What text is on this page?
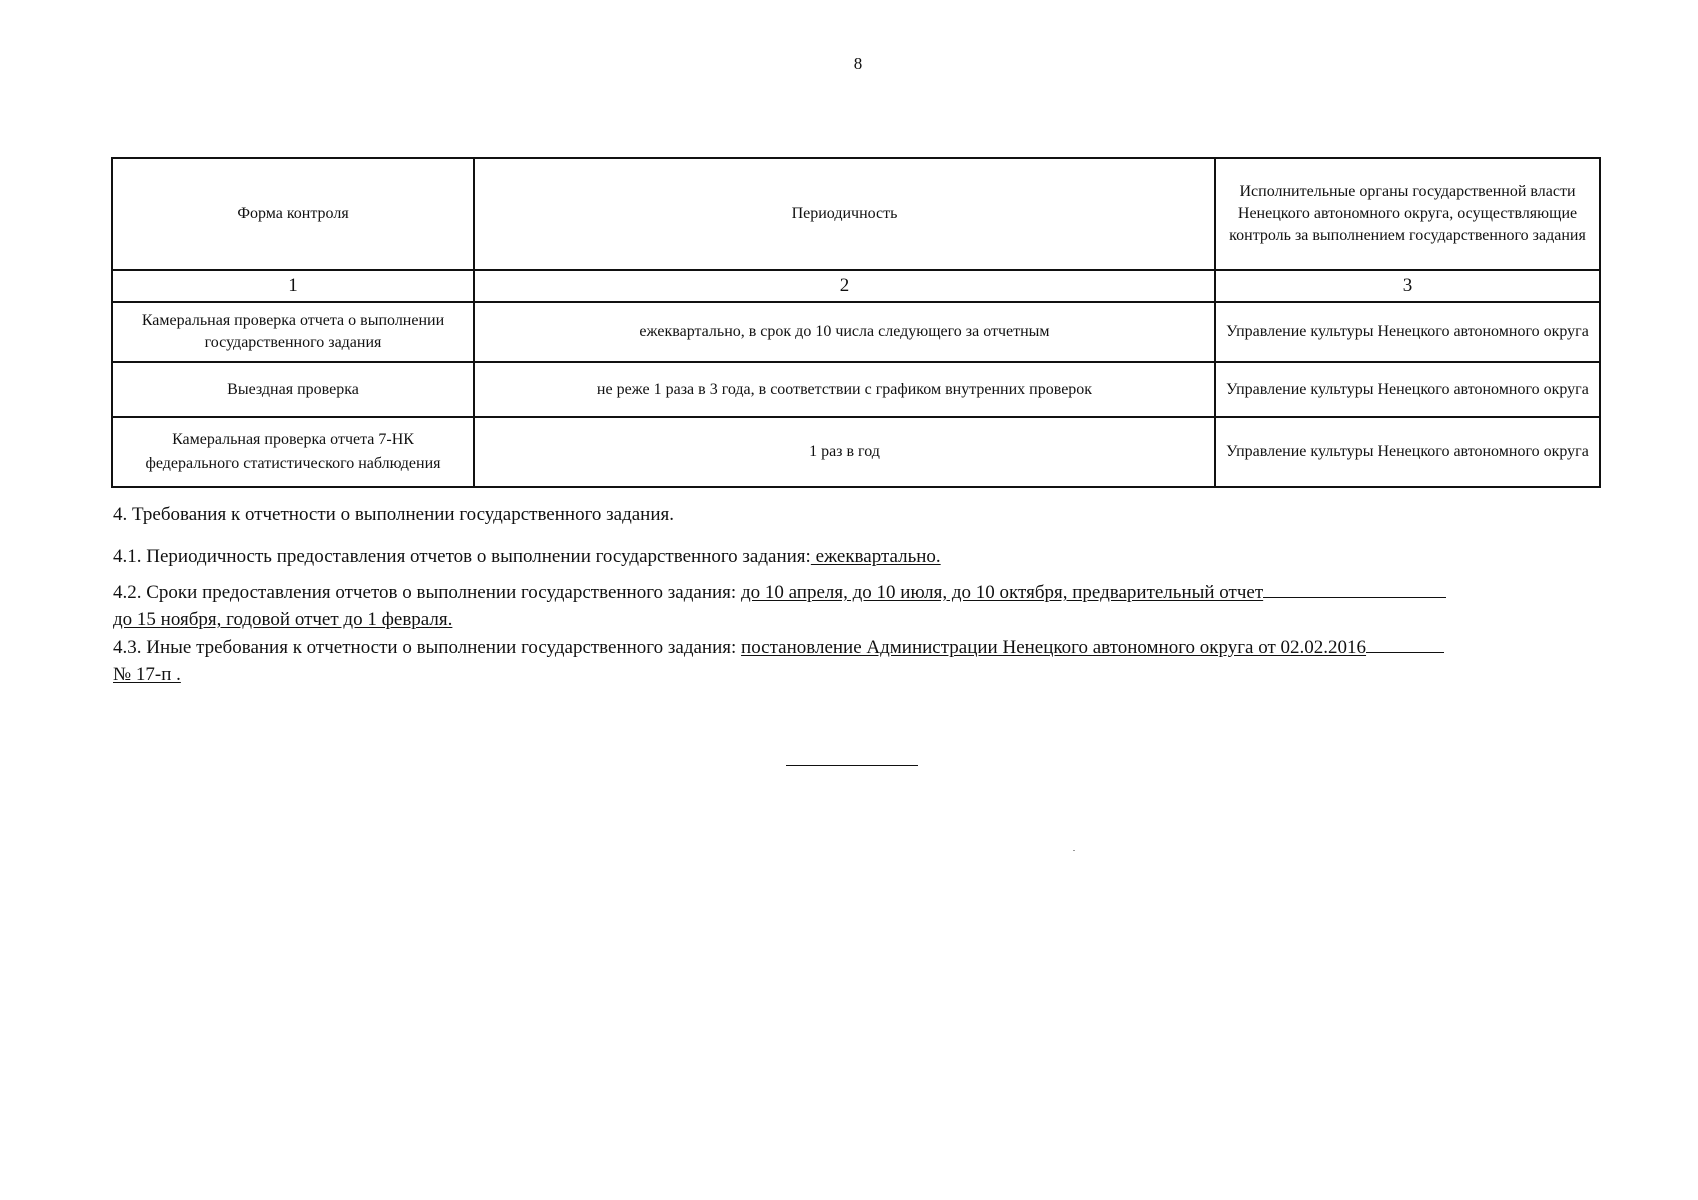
8
Форма контроля	Периодичность	Исполнительные органы государственной власти Ненецкого автономного округа, осуществляющие контроль за выполнением государственного задания
1	2	3
Камеральная проверка отчета о выполнении государственного задания	ежеквартально, в срок до 10 числа следующего за отчетным	Управление культуры Ненецкого автономного округа
Выездная проверка	не реже 1 раза в 3 года, в соответствии с графиком внутренних проверок	Управление культуры Ненецкого автономного округа
Камеральная проверка отчета 7-НК федерального статистического наблюдения	1 раз в год	Управление культуры Ненецкого автономного округа
4. Требования к отчетности о выполнении государственного задания.
4.1. Периодичность предоставления отчетов о выполнении государственного задания: ежеквартально.
4.2. Сроки предоставления отчетов о выполнении государственного задания: до 10 апреля, до 10 июля, до 10 октября, предварительный отчет
до 15 ноября, годовой отчет до 1 февраля.
4.3. Иные требования к отчетности о выполнении государственного задания: постановление Администрации Ненецкого автономного округа от 02.02.2016
№ 17-п .
